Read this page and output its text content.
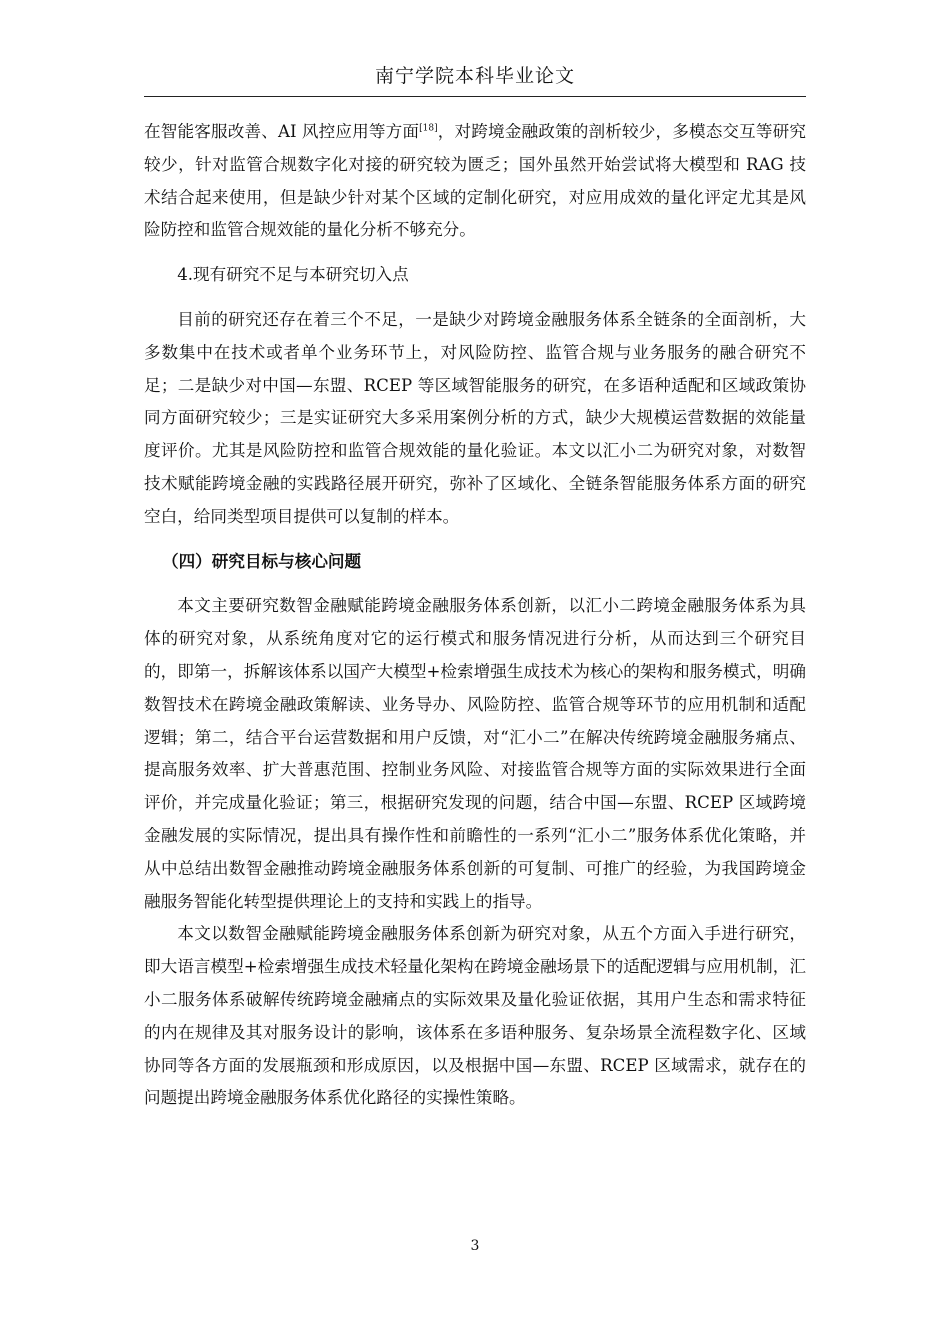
南宁学院本科毕业论文

在智能客服改善、AI 风控应用等方面[18]，对跨境金融政策的剖析较少，多模态交互等研究较少，针对监管合规数字化对接的研究较为匮乏；国外虽然开始尝试将大模型和 RAG 技术结合起来使用，但是缺少针对某个区域的定制化研究，对应用成效的量化评定尤其是风险防控和监管合规效能的量化分析不够充分。

4.现有研究不足与本研究切入点

目前的研究还存在着三个不足，一是缺少对跨境金融服务体系全链条的全面剖析，大多数集中在技术或者单个业务环节上，对风险防控、监管合规与业务服务的融合研究不足；二是缺少对中国—东盟、RCEP 等区域智能服务的研究，在多语种适配和区域政策协同方面研究较少；三是实证研究大多采用案例分析的方式，缺少大规模运营数据的效能量度评价。尤其是风险防控和监管合规效能的量化验证。本文以汇小二为研究对象，对数智技术赋能跨境金融的实践路径展开研究，弥补了区域化、全链条智能服务体系方面的研究空白，给同类型项目提供可以复制的样本。

（四）研究目标与核心问题

本文主要研究数智金融赋能跨境金融服务体系创新，以汇小二跨境金融服务体系为具体的研究对象，从系统角度对它的运行模式和服务情况进行分析，从而达到三个研究目的，即第一，拆解该体系以国产大模型+检索增强生成技术为核心的架构和服务模式，明确数智技术在跨境金融政策解读、业务导办、风险防控、监管合规等环节的应用机制和适配逻辑；第二，结合平台运营数据和用户反馈，对“汇小二”在解决传统跨境金融服务痛点、提高服务效率、扩大普惠范围、控制业务风险、对接监管合规等方面的实际效果进行全面评价，并完成量化验证；第三，根据研究发现的问题，结合中国—东盟、RCEP 区域跨境金融发展的实际情况，提出具有操作性和前瞻性的一系列“汇小二”服务体系优化策略，并从中总结出数智金融推动跨境金融服务体系创新的可复制、可推广的经验，为我国跨境金融服务智能化转型提供理论上的支持和实践上的指导。

本文以数智金融赋能跨境金融服务体系创新为研究对象，从五个方面入手进行研究，即大语言模型+检索增强生成技术轻量化架构在跨境金融场景下的适配逻辑与应用机制，汇小二服务体系破解传统跨境金融痛点的实际效果及量化验证依据，其用户生态和需求特征的内在规律及其对服务设计的影响，该体系在多语种服务、复杂场景全流程数字化、区域协同等各方面的发展瓶颈和形成原因，以及根据中国—东盟、RCEP 区域需求，就存在的问题提出跨境金融服务体系优化路径的实操性策略。

3
